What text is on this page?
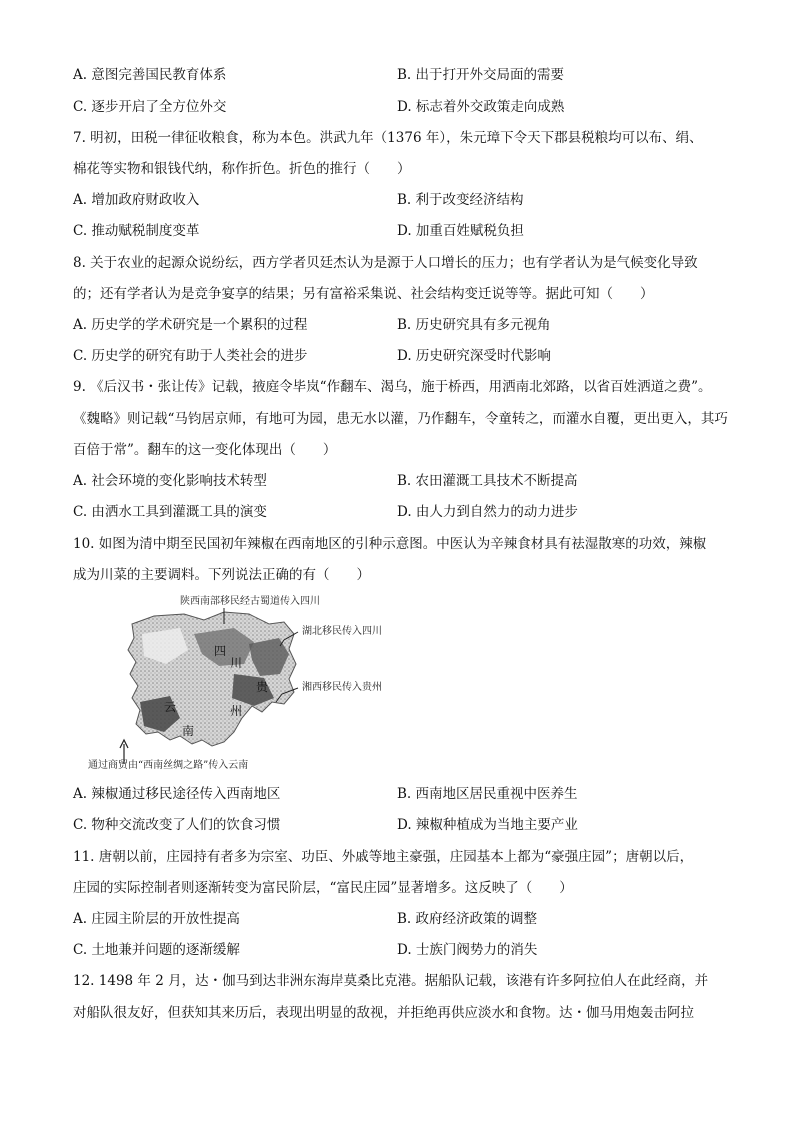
A. 意图完善国民教育体系	B. 出于打开外交局面的需要
C. 逐步开启了全方位外交	D. 标志着外交政策走向成熟
7. 明初，田税一律征收粮食，称为本色。洪武九年（1376 年），朱元璋下令天下郡县税粮均可以布、绢、
棉花等实物和银钱代纳，称作折色。折色的推行（　　）
A. 增加政府财政收入	B. 利于改变经济结构
C. 推动赋税制度变革	D. 加重百姓赋税负担
8. 关于农业的起源众说纷纭，西方学者贝廷杰认为是源于人口增长的压力；也有学者认为是气候变化导致
的；还有学者认为是竞争宴享的结果；另有富裕采集说、社会结构变迁说等等。据此可知（　　）
A. 历史学的学术研究是一个累积的过程	B. 历史研究具有多元视角
C. 历史学的研究有助于人类社会的进步	D. 历史研究深受时代影响
9. 《后汉书・张让传》记载，掖庭令毕岚“作翻车、渴乌，施于桥西，用洒南北郊路，以省百姓洒道之费”。
《魏略》则记载“马钧居京师，有地可为园，患无水以灌，乃作翻车，令童转之，而灌水自覆，更出更入，其巧
百倍于常”。翻车的这一变化体现出（　　）
A. 社会环境的变化影响技术转型	B. 农田灌溉工具技术不断提高
C. 由洒水工具到灌溉工具的演变	D. 由人力到自然力的动力进步
10. 如图为清中期至民国初年辣椒在西南地区的引种示意图。中医认为辛辣食材具有祛湿散寒的功效，辣椒
成为川菜的主要调料。下列说法正确的有（　　）
陕西南部移民经古蜀道传入四川
湖北移民传入四川
湘西移民传入贵州
通过商贸由“西南丝绸之路”传入云南
四
川
贵
州
云
南
A. 辣椒通过移民途径传入西南地区	B. 西南地区居民重视中医养生
C. 物种交流改变了人们的饮食习惯	D. 辣椒种植成为当地主要产业
11. 唐朝以前，庄园持有者多为宗室、功臣、外戚等地主豪强，庄园基本上都为“豪强庄园”；唐朝以后，
庄园的实际控制者则逐渐转变为富民阶层，“富民庄园”显著增多。这反映了（　　）
A. 庄园主阶层的开放性提高	B. 政府经济政策的调整
C. 土地兼并问题的逐渐缓解	D. 士族门阀势力的消失
12. 1498 年 2 月，达・伽马到达非洲东海岸莫桑比克港。据船队记载，该港有许多阿拉伯人在此经商，并
对船队很友好，但获知其来历后，表现出明显的敌视，并拒绝再供应淡水和食物。达・伽马用炮轰击阿拉
